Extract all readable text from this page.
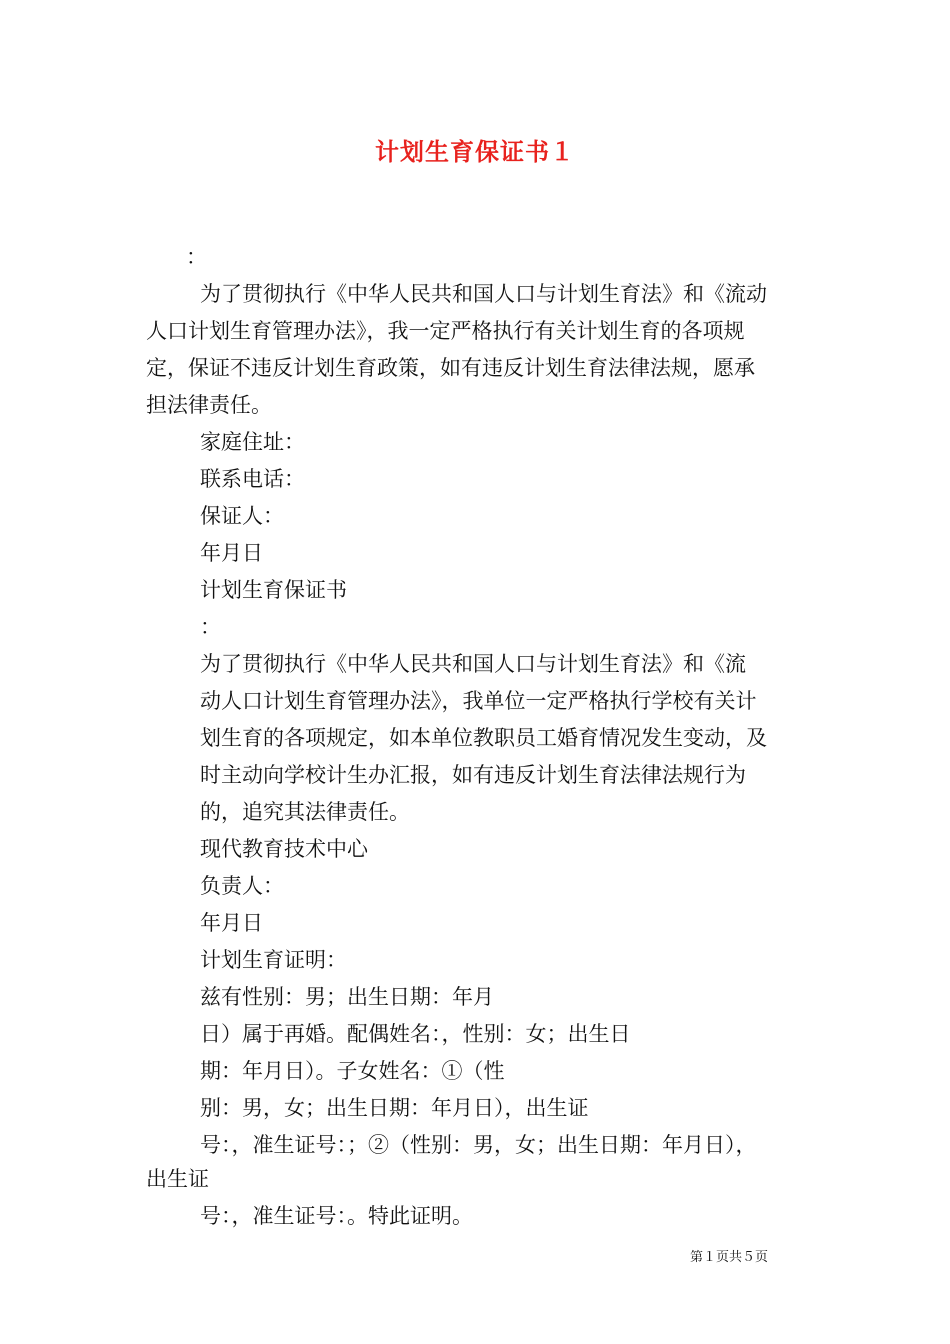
计划生育保证书１
：
为了贯彻执行《中华人民共和国人口与计划生育法》和《流动
人口计划生育管理办法》，我一定严格执行有关计划生育的各项规
定，保证不违反计划生育政策，如有违反计划生育法律法规，愿承
担法律责任。
家庭住址：
联系电话：
保证人：
年月日
计划生育保证书
：
为了贯彻执行《中华人民共和国人口与计划生育法》和《流
动人口计划生育管理办法》，我单位一定严格执行学校有关计
划生育的各项规定，如本单位教职员工婚育情况发生变动，及
时主动向学校计生办汇报，如有违反计划生育法律法规行为
的，追究其法律责任。
现代教育技术中心
负责人：
年月日
计划生育证明：
兹有性别：男；出生日期：年月
日）属于再婚。配偶姓名：，性别：女；出生日
期：年月日）。子女姓名：①（性
别：男，女；出生日期：年月日），出生证
号：，准生证号：；②（性别：男，女；出生日期：年月日），
出生证
号：，准生证号：。特此证明。
第１页共５页
